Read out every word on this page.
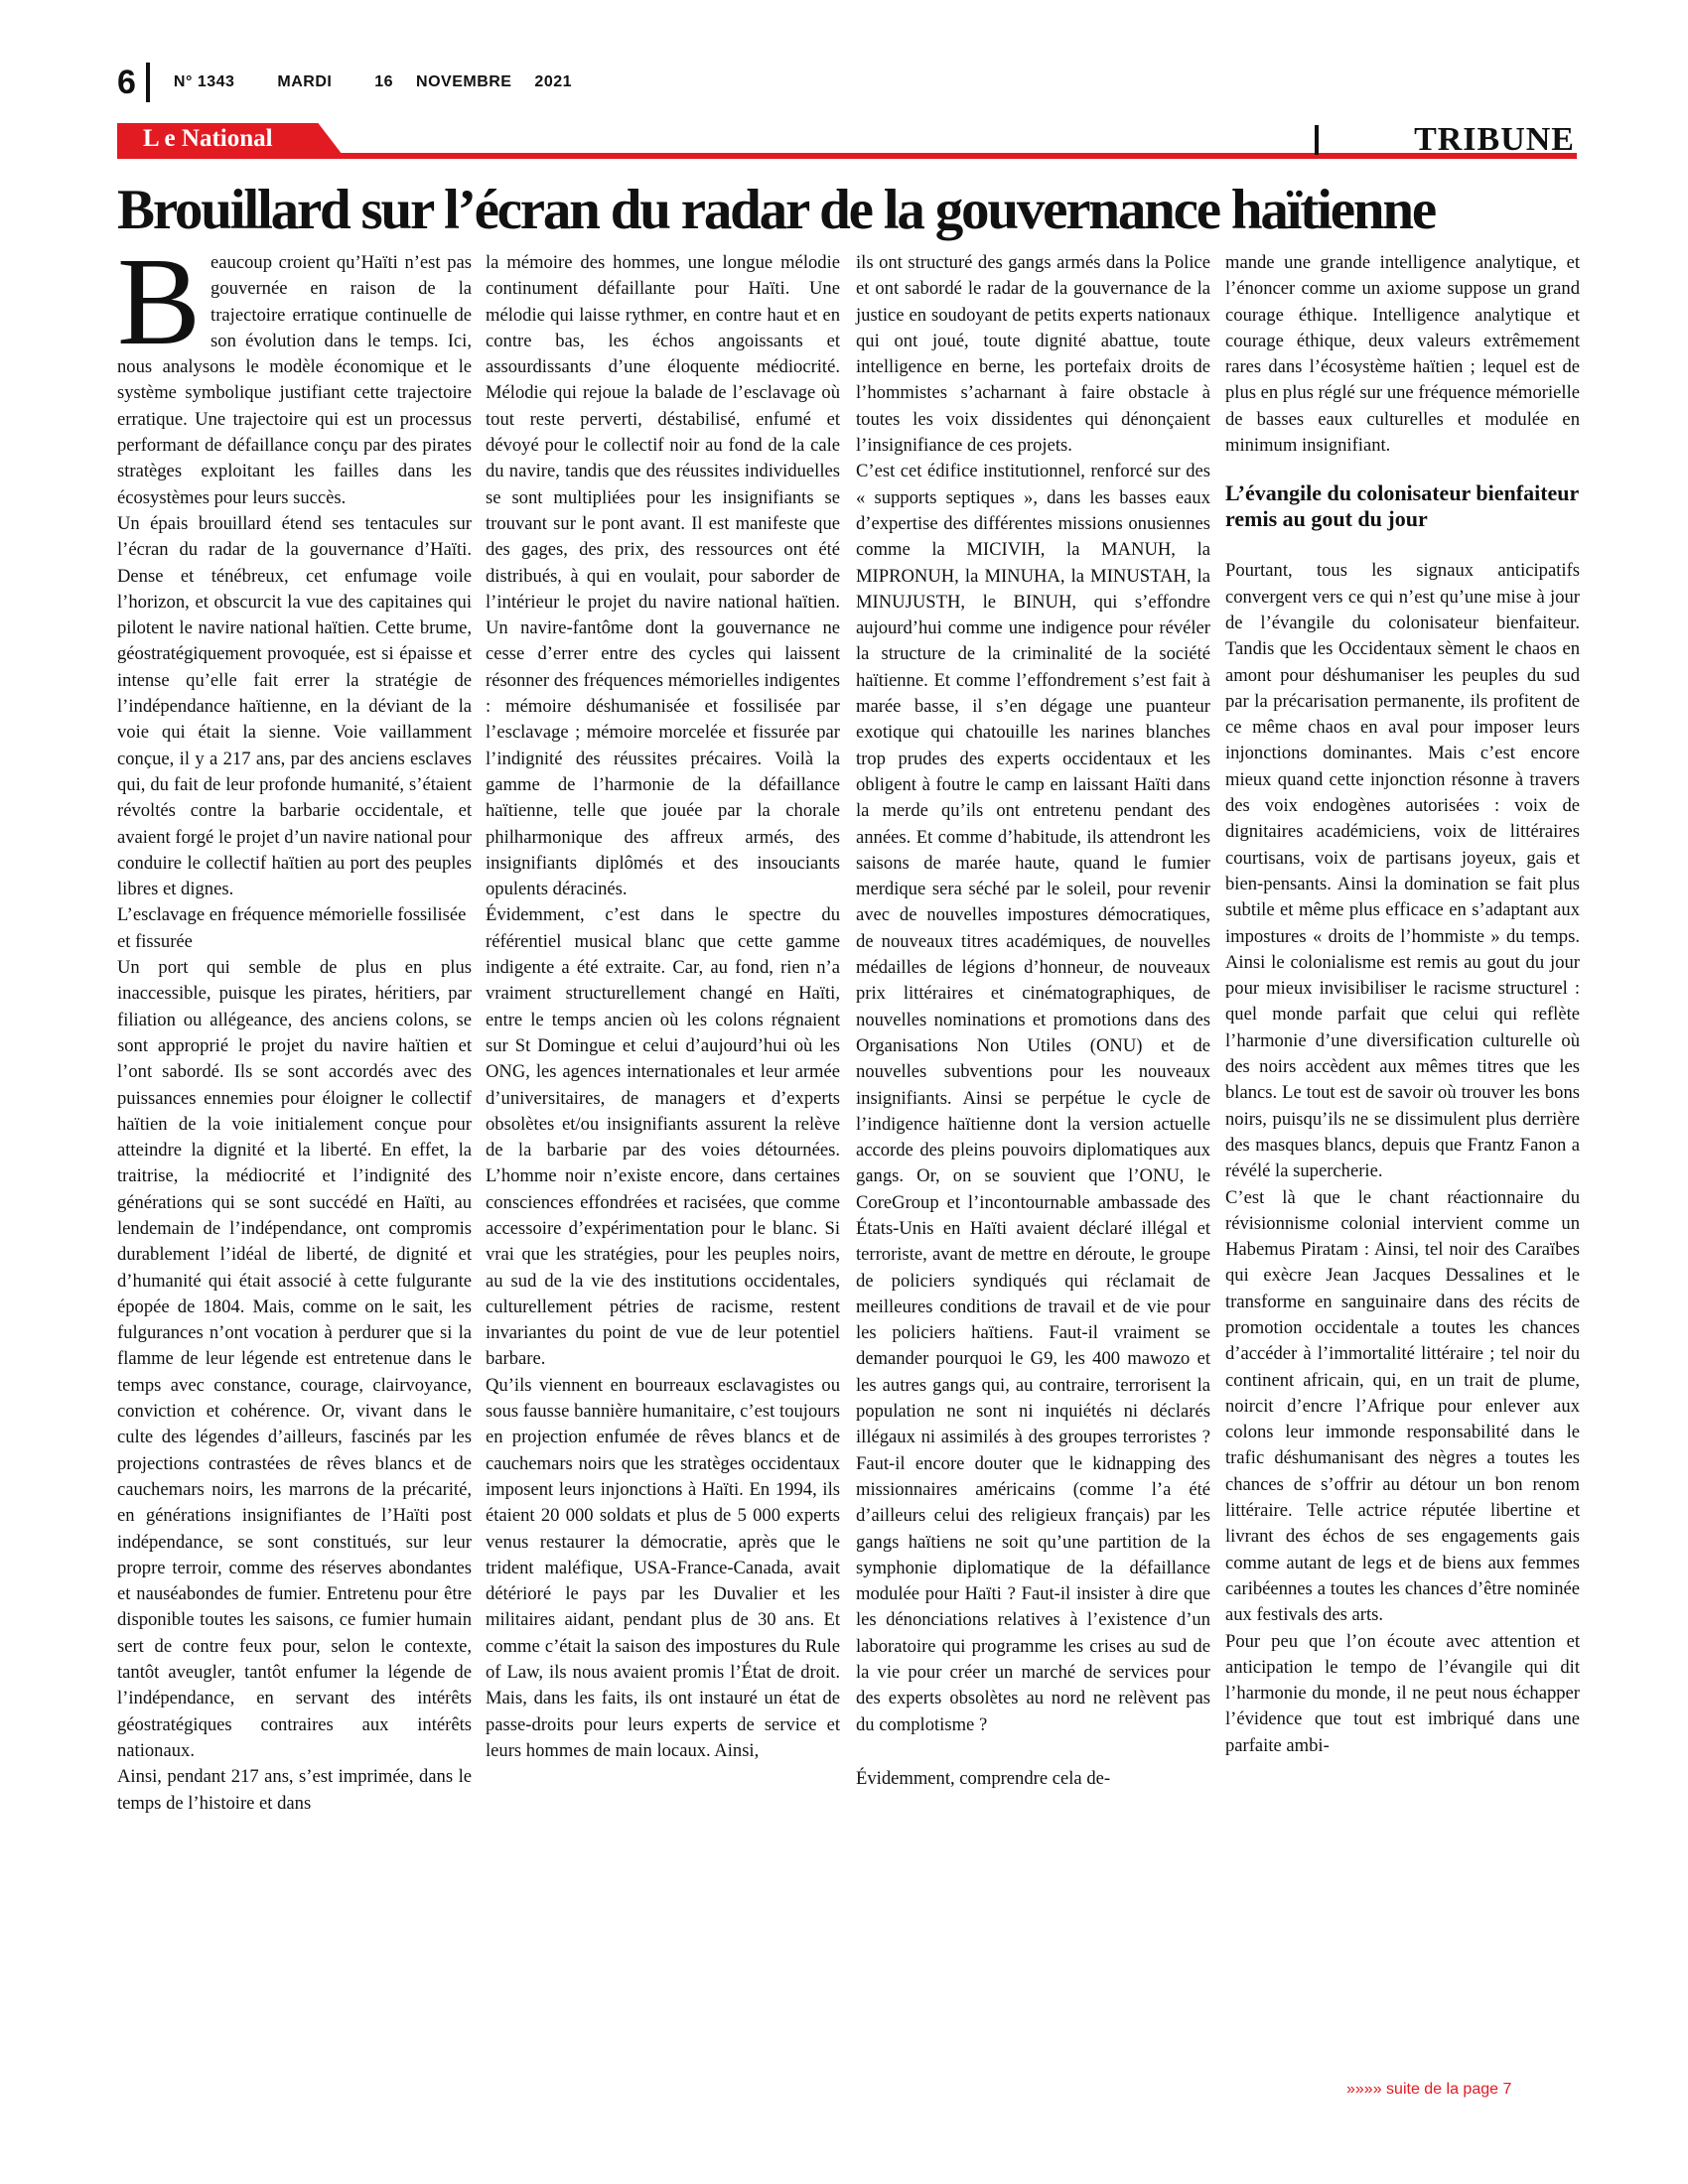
6 N° 1343	MARDI	16 NOVEMBRE 2021
L e National	TRIBUNE
Brouillard sur l’écran du radar de la gouvernance haïtienne

Beaucoup croient qu’Haïti n’est pas gouvernée en raison de la trajectoire erratique continuelle de son évolution dans le temps. Ici, nous analysons le modèle économique et le système symbolique justifiant cette trajectoire erratique. Une trajectoire qui est un processus performant de défaillance conçu par des pirates stratèges exploitant les failles dans les écosystèmes pour leurs succès.

Un épais brouillard étend ses tentacules sur l’écran du radar de la gouvernance d’Haïti. Dense et ténébreux, cet enfumage voile l’horizon, et obscurcit la vue des capitaines qui pilotent le navire national haïtien. Cette brume, géostratégiquement provoquée, est si épaisse et intense qu’elle fait errer la stratégie de l’indépendance haïtienne, en la déviant de la voie qui était la sienne. Voie vaillamment conçue, il y a 217 ans, par des anciens esclaves qui, du fait de leur profonde humanité, s’étaient révoltés contre la barbarie occidentale, et avaient forgé le projet d’un navire national pour conduire le collectif haïtien au port des peuples libres et dignes.

L’esclavage en fréquence mémorielle fossilisée et fissurée

Un port qui semble de plus en plus inaccessible, puisque les pirates, héritiers, par filiation ou allégeance, des anciens colons, se sont approprié le projet du navire haïtien et l’ont sabordé. Ils se sont accordés avec des puissances ennemies pour éloigner le collectif haïtien de la voie initialement conçue pour atteindre la dignité et la liberté. En effet, la traitrise, la médiocrité et l’indignité des générations qui se sont succédé en Haïti, au lendemain de l’indépendance, ont compromis durablement l’idéal de liberté, de dignité et d’humanité qui était associé à cette fulgurante épopée de 1804. Mais, comme on le sait, les fulgurances n’ont vocation à perdurer que si la flamme de leur légende est entretenue dans le temps avec constance, courage, clairvoyance, conviction et cohérence. Or, vivant dans le culte des légendes d’ailleurs, fascinés par les projections contrastées de rêves blancs et de cauchemars noirs, les marrons de la précarité, en générations insignifiantes de l’Haïti post indépendance, se sont constitués, sur leur propre terroir, comme des réserves abondantes et nauséabondes de fumier. Entretenu pour être disponible toutes les saisons, ce fumier humain sert de contre feux pour, selon le contexte, tantôt aveugler, tantôt enfumer la légende de l’indépendance, en servant des intérêts géostratégiques contraires aux intérêts nationaux.

Ainsi, pendant 217 ans, s’est imprimée, dans le temps de l’histoire et dans

la mémoire des hommes, une longue mélodie continument défaillante pour Haïti. Une mélodie qui laisse rythmer, en contre haut et en contre bas, les échos angoissants et assourdissants d’une éloquente médiocrité. Mélodie qui rejoue la balade de l’esclavage où tout reste perverti, déstabilisé, enfumé et dévoyé pour le collectif noir au fond de la cale du navire, tandis que des réussites individuelles se sont multipliées pour les insignifiants se trouvant sur le pont avant. Il est manifeste que des gages, des prix, des ressources ont été distribués, à qui en voulait, pour saborder de l’intérieur le projet du navire national haïtien. Un navire-fantôme dont la gouvernance ne cesse d’errer entre des cycles qui laissent résonner des fréquences mémorielles indigentes : mémoire déshumanisée et fossilisée par l’esclavage ; mémoire morcelée et fissurée par l’indignité des réussites précaires. Voilà la gamme de l’harmonie de la défaillance haïtienne, telle que jouée par la chorale philharmonique des affreux armés, des insignifiants diplômés et des insouciants opulents déracinés.

Évidemment, c’est dans le spectre du référentiel musical blanc que cette gamme indigente a été extraite. Car, au fond, rien n’a vraiment structurellement changé en Haïti, entre le temps ancien où les colons régnaient sur St Domingue et celui d’aujourd’hui où les ONG, les agences internationales et leur armée d’universitaires, de managers et d’experts obsolètes et/ou insignifiants assurent la relève de la barbarie par des voies détournées. L’homme noir n’existe encore, dans certaines consciences effondrées et racisées, que comme accessoire d’expérimentation pour le blanc. Si vrai que les stratégies, pour les peuples noirs, au sud de la vie des institutions occidentales, culturellement pétries de racisme, restent invariantes du point de vue de leur potentiel barbare.

Qu’ils viennent en bourreaux esclavagistes ou sous fausse bannière humanitaire, c’est toujours en projection enfumée de rêves blancs et de cauchemars noirs que les stratèges occidentaux imposent leurs injonctions à Haïti. En 1994, ils étaient 20 000 soldats et plus de 5 000 experts venus restaurer la démocratie, après que le trident maléfique, USA-France-Canada, avait détérioré le pays par les Duvalier et les militaires aidant, pendant plus de 30 ans. Et comme c’était la saison des impostures du Rule of Law, ils nous avaient promis l’État de droit. Mais, dans les faits, ils ont instauré un état de passe-droits pour leurs experts de service et leurs hommes de main locaux. Ainsi,

ils ont structuré des gangs armés dans la Police et ont sabordé le radar de la gouvernance de la justice en soudoyant de petits experts nationaux qui ont joué, toute dignité abattue, toute intelligence en berne, les portefaix droits de l’hommistes s’acharnant à faire obstacle à toutes les voix dissidentes qui dénonçaient l’insignifiance de ces projets.

C’est cet édifice institutionnel, renforcé sur des « supports septiques », dans les basses eaux d’expertise des différentes missions onusiennes comme la MICIVIH, la MANUH, la MIPRONUH, la MINUHA, la MINUSTAH, la MINUJUSTH, le BINUH, qui s’effondre aujourd’hui comme une indigence pour révéler la structure de la criminalité de la société haïtienne. Et comme l’effondrement s’est fait à marée basse, il s’en dégage une puanteur exotique qui chatouille les narines blanches trop prudes des experts occidentaux et les obligent à foutre le camp en laissant Haïti dans la merde qu’ils ont entretenu pendant des années. Et comme d’habitude, ils attendront les saisons de marée haute, quand le fumier merdique sera séché par le soleil, pour revenir avec de nouvelles impostures démocratiques, de nouveaux titres académiques, de nouvelles médailles de légions d’honneur, de nouveaux prix littéraires et cinématographiques, de nouvelles nominations et promotions dans des Organisations Non Utiles (ONU) et de nouvelles subventions pour les nouveaux insignifiants. Ainsi se perpétue le cycle de l’indigence haïtienne dont la version actuelle accorde des pleins pouvoirs diplomatiques aux gangs. Or, on se souvient que l’ONU, le CoreGroup et l’incontournable ambassade des États-Unis en Haïti avaient déclaré illégal et terroriste, avant de mettre en déroute, le groupe de policiers syndiqués qui réclamait de meilleures conditions de travail et de vie pour les policiers haïtiens. Faut-il vraiment se demander pourquoi le G9, les 400 mawozo et les autres gangs qui, au contraire, terrorisent la population ne sont ni inquiétés ni déclarés illégaux ni assimilés à des groupes terroristes ? Faut-il encore douter que le kidnapping des missionnaires américains (comme l’a été d’ailleurs celui des religieux français) par les gangs haïtiens ne soit qu’une partition de la symphonie diplomatique de la défaillance modulée pour Haïti ? Faut-il insister à dire que les dénonciations relatives à l’existence d’un laboratoire qui programme les crises au sud de la vie pour créer un marché de services pour des experts obsolètes au nord ne relèvent pas du complotisme ?

Évidemment, comprendre cela de-

mande une grande intelligence analytique, et l’énoncer comme un axiome suppose un grand courage éthique. Intelligence analytique et courage éthique, deux valeurs extrêmement rares dans l’écosystème haïtien ; lequel est de plus en plus réglé sur une fréquence mémorielle de basses eaux culturelles et modulée en minimum insignifiant.

L’évangile du colonisateur bienfaiteur remis au gout du jour

Pourtant, tous les signaux anticipatifs convergent vers ce qui n’est qu’une mise à jour de l’évangile du colonisateur bienfaiteur. Tandis que les Occidentaux sèment le chaos en amont pour déshumaniser les peuples du sud par la précarisation permanente, ils profitent de ce même chaos en aval pour imposer leurs injonctions dominantes. Mais c’est encore mieux quand cette injonction résonne à travers des voix endogènes autorisées : voix de dignitaires académiciens, voix de littéraires courtisans, voix de partisans joyeux, gais et bien-pensants. Ainsi la domination se fait plus subtile et même plus efficace en s’adaptant aux impostures « droits de l’hommiste » du temps. Ainsi le colonialisme est remis au gout du jour pour mieux invisibiliser le racisme structurel : quel monde parfait que celui qui reflète l’harmonie d’une diversification culturelle où des noirs accèdent aux mêmes titres que les blancs. Le tout est de savoir où trouver les bons noirs, puisqu’ils ne se dissimulent plus derrière des masques blancs, depuis que Frantz Fanon a révélé la supercherie.

C’est là que le chant réactionnaire du révisionnisme colonial intervient comme un Habemus Piratam : Ainsi, tel noir des Caraïbes qui exècre Jean Jacques Dessalines et le transforme en sanguinaire dans des récits de promotion occidentale a toutes les chances d’accéder à l’immortalité littéraire ; tel noir du continent africain, qui, en un trait de plume, noircit d’encre l’Afrique pour enlever aux colons leur immonde responsabilité dans le trafic déshumanisant des nègres a toutes les chances de s’offrir au détour un bon renom littéraire. Telle actrice réputée libertine et livrant des échos de ses engagements gais comme autant de legs et de biens aux femmes caribéennes a toutes les chances d’être nominée aux festivals des arts.

Pour peu que l’on écoute avec attention et anticipation le tempo de l’évangile qui dit l’harmonie du monde, il ne peut nous échapper l’évidence que tout est imbriqué dans une parfaite ambi-

»»»» suite de la page 7
